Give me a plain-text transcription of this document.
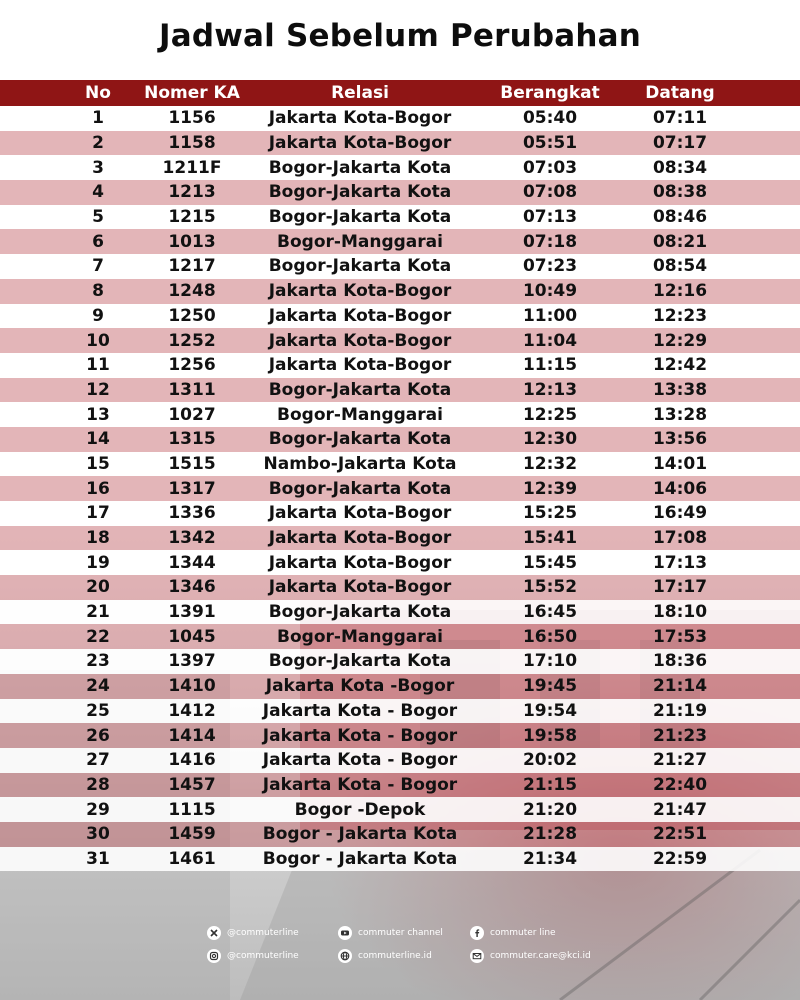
Jadwal Sebelum Perubahan
No	Nomer KA	Relasi	Berangkat	Datang
1	1156	Jakarta Kota-Bogor	05:40	07:11
2	1158	Jakarta Kota-Bogor	05:51	07:17
3	1211F	Bogor-Jakarta Kota	07:03	08:34
4	1213	Bogor-Jakarta Kota	07:08	08:38
5	1215	Bogor-Jakarta Kota	07:13	08:46
6	1013	Bogor-Manggarai	07:18	08:21
7	1217	Bogor-Jakarta Kota	07:23	08:54
8	1248	Jakarta Kota-Bogor	10:49	12:16
9	1250	Jakarta Kota-Bogor	11:00	12:23
10	1252	Jakarta Kota-Bogor	11:04	12:29
11	1256	Jakarta Kota-Bogor	11:15	12:42
12	1311	Bogor-Jakarta Kota	12:13	13:38
13	1027	Bogor-Manggarai	12:25	13:28
14	1315	Bogor-Jakarta Kota	12:30	13:56
15	1515	Nambo-Jakarta Kota	12:32	14:01
16	1317	Bogor-Jakarta Kota	12:39	14:06
17	1336	Jakarta Kota-Bogor	15:25	16:49
18	1342	Jakarta Kota-Bogor	15:41	17:08
19	1344	Jakarta Kota-Bogor	15:45	17:13
20	1346	Jakarta Kota-Bogor	15:52	17:17
21	1391	Bogor-Jakarta Kota	16:45	18:10
22	1045	Bogor-Manggarai	16:50	17:53
23	1397	Bogor-Jakarta Kota	17:10	18:36
24	1410	Jakarta Kota -Bogor	19:45	21:14
25	1412	Jakarta Kota - Bogor	19:54	21:19
26	1414	Jakarta Kota - Bogor	19:58	21:23
27	1416	Jakarta Kota - Bogor	20:02	21:27
28	1457	Jakarta Kota - Bogor	21:15	22:40
29	1115	Bogor -Depok	21:20	21:47
30	1459	Bogor - Jakarta Kota	21:28	22:51
31	1461	Bogor - Jakarta Kota	21:34	22:59
@commuterline
@commuterline
commuter channel
commuterline.id
commuter line
commuter.care@kci.id
